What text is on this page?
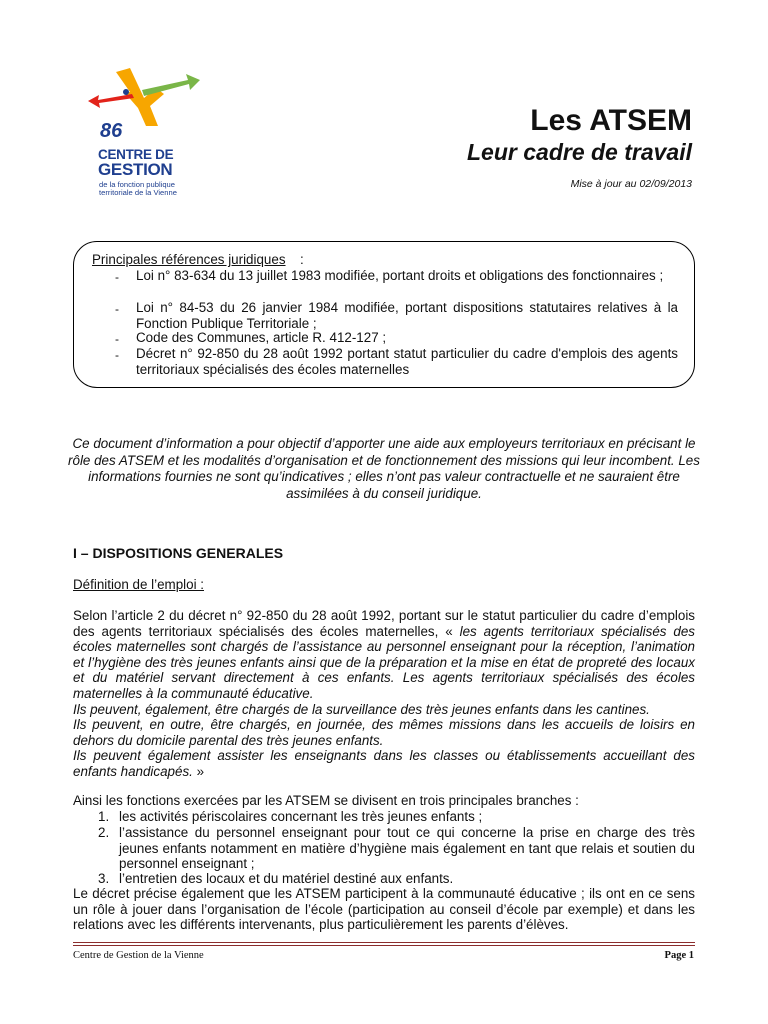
86
CENTRE DE
GESTION
de la fonction publique
territoriale de la Vienne
Les ATSEM
Leur cadre de travail
Mise à jour au 02/09/2013
Principales références juridiques :
- Loi n° 83-634 du 13 juillet 1983 modifiée, portant droits et obligations des fonctionnaires ;
- Loi n° 84-53 du 26 janvier 1984 modifiée, portant dispositions statutaires relatives à la Fonction Publique Territoriale ;
- Code des Communes, article R. 412-127 ;
- Décret n° 92-850 du 28 août 1992 portant statut particulier du cadre d'emplois des agents territoriaux spécialisés des écoles maternelles
Ce document d’information a pour objectif d’apporter une aide aux employeurs territoriaux en précisant le rôle des ATSEM et les modalités d’organisation et de fonctionnement des missions qui leur incombent. Les informations fournies ne sont qu’indicatives ; elles n’ont pas valeur contractuelle et ne sauraient être assimilées à du conseil juridique.
I – DISPOSITIONS GENERALES
Définition de l’emploi :
Selon l’article 2 du décret n° 92-850 du 28 août 1992, portant sur le statut particulier du cadre d’emplois des agents territoriaux spécialisés des écoles maternelles, « les agents territoriaux spécialisés des écoles maternelles sont chargés de l’assistance au personnel enseignant pour la réception, l’animation et l’hygiène des très jeunes enfants ainsi que de la préparation et la mise en état de propreté des locaux et du matériel servant directement à ces enfants. Les agents territoriaux spécialisés des écoles maternelles à la communauté éducative.
Ils peuvent, également, être chargés de la surveillance des très jeunes enfants dans les cantines.
Ils peuvent, en outre, être chargés, en journée, des mêmes missions dans les accueils de loisirs en dehors du domicile parental des très jeunes enfants.
Ils peuvent également assister les enseignants dans les classes ou établissements accueillant des enfants handicapés. »
Ainsi les fonctions exercées par les ATSEM se divisent en trois principales branches :
1. les activités périscolaires concernant les très jeunes enfants ;
2. l’assistance du personnel enseignant pour tout ce qui concerne la prise en charge des très jeunes enfants notamment en matière d’hygiène mais également en tant que relais et soutien du personnel enseignant ;
3. l’entretien des locaux et du matériel destiné aux enfants.
Le décret précise également que les ATSEM participent à la communauté éducative ; ils ont en ce sens un rôle à jouer dans l’organisation de l’école (participation au conseil d’école par exemple) et dans les relations avec les différents intervenants, plus particulièrement les parents d’élèves.
Centre de Gestion de la Vienne	Page 1
